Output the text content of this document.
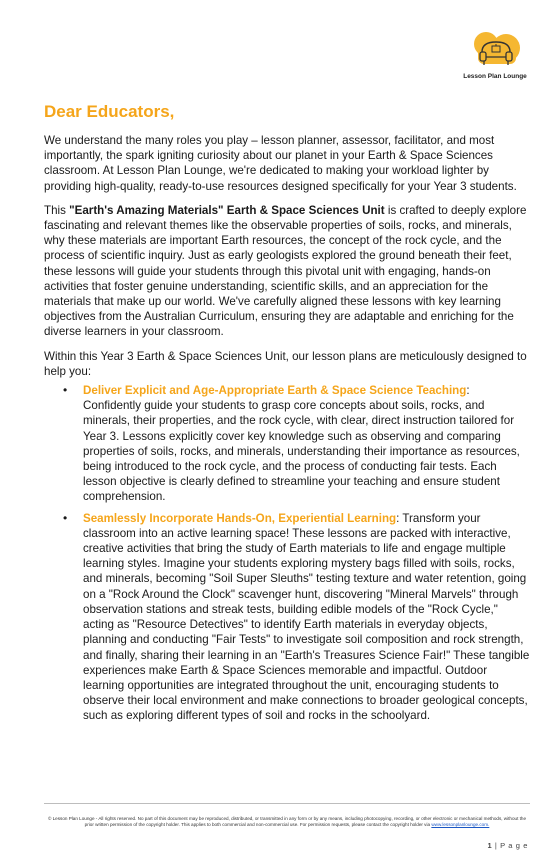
Lesson Plan Lounge
Dear Educators,

We understand the many roles you play – lesson planner, assessor, facilitator, and most importantly, the spark igniting curiosity about our planet in your Earth & Space Sciences classroom. At Lesson Plan Lounge, we're dedicated to making your workload lighter by providing high-quality, ready-to-use resources designed specifically for your Year 3 students.

This "Earth's Amazing Materials" Earth & Space Sciences Unit is crafted to deeply explore fascinating and relevant themes like the observable properties of soils, rocks, and minerals, why these materials are important Earth resources, the concept of the rock cycle, and the process of scientific inquiry. Just as early geologists explored the ground beneath their feet, these lessons will guide your students through this pivotal unit with engaging, hands-on activities that foster genuine understanding, scientific skills, and an appreciation for the materials that make up our world. We've carefully aligned these lessons with key learning objectives from the Australian Curriculum, ensuring they are adaptable and enriching for the diverse learners in your classroom.

Within this Year 3 Earth & Space Sciences Unit, our lesson plans are meticulously designed to help you:

• Deliver Explicit and Age-Appropriate Earth & Space Science Teaching: Confidently guide your students to grasp core concepts about soils, rocks, and minerals, their properties, and the rock cycle, with clear, direct instruction tailored for Year 3. Lessons explicitly cover key knowledge such as observing and comparing properties of soils, rocks, and minerals, understanding their importance as resources, being introduced to the rock cycle, and the process of conducting fair tests. Each lesson objective is clearly defined to streamline your teaching and ensure student comprehension.
• Seamlessly Incorporate Hands-On, Experiential Learning: Transform your classroom into an active learning space! These lessons are packed with interactive, creative activities that bring the study of Earth materials to life and engage multiple learning styles. Imagine your students exploring mystery bags filled with soils, rocks, and minerals, becoming "Soil Super Sleuths" testing texture and water retention, going on a "Rock Around the Clock" scavenger hunt, discovering "Mineral Marvels" through observation stations and streak tests, building edible models of the "Rock Cycle," acting as "Resource Detectives" to identify Earth materials in everyday objects, planning and conducting "Fair Tests" to investigate soil composition and rock strength, and finally, sharing their learning in an "Earth's Treasures Science Fair!" These tangible experiences make Earth & Space Sciences memorable and impactful. Outdoor learning opportunities are integrated throughout the unit, encouraging students to observe their local environment and make connections to broader geological concepts, such as exploring different types of soil and rocks in the schoolyard.
© Lesson Plan Lounge - All rights reserved. No part of this document may be reproduced, distributed, or transmitted in any form or by any means, including photocopying, recording, or other electronic or mechanical methods, without the prior written permission of the copyright holder. This applies to both commercial and non-commercial use. For permission requests, please contact the copyright holder via www.lessonplanlounge.com.
1 | P a g e
